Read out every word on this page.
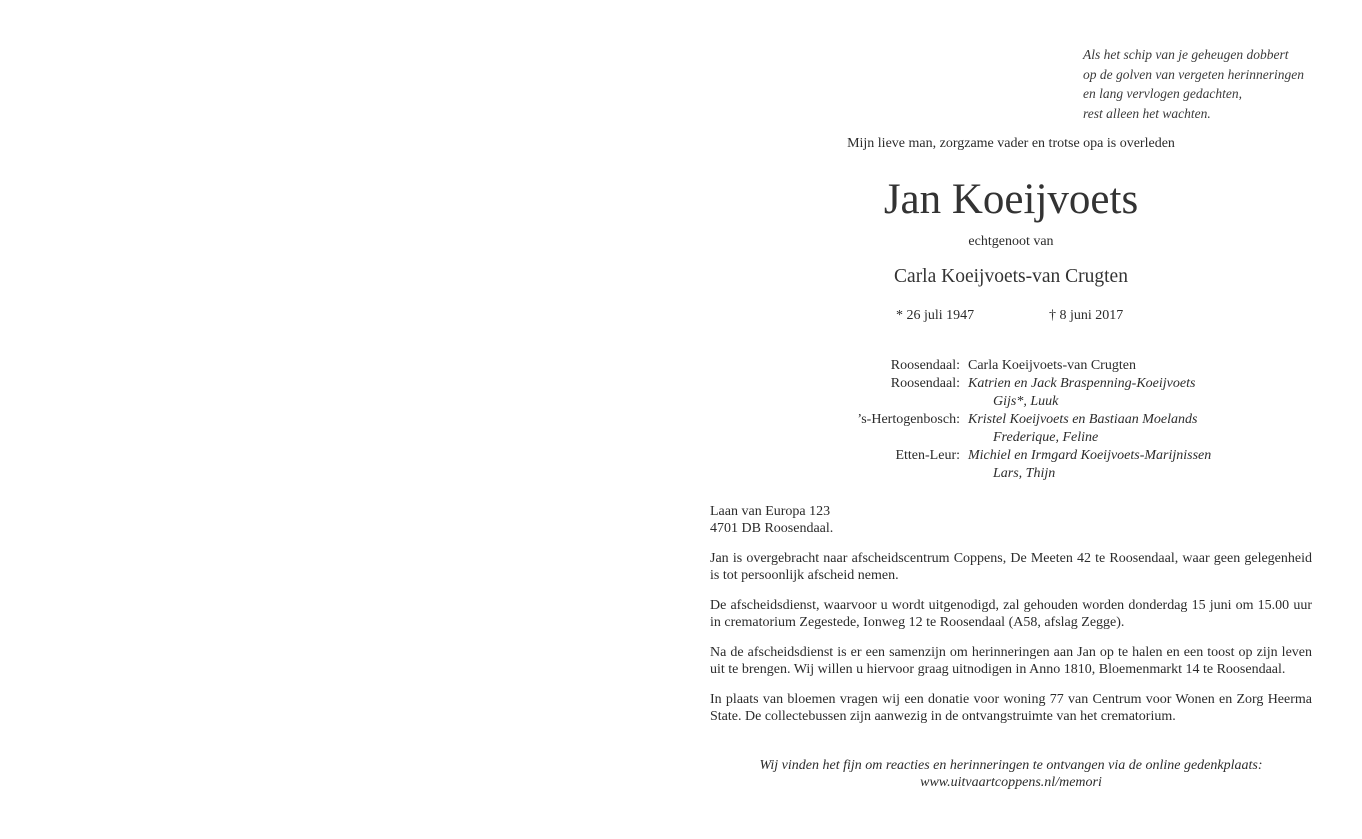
Als het schip van je geheugen dobbert
op de golven van vergeten herinneringen
en lang vervlogen gedachten,
rest alleen het wachten.
Mijn lieve man, zorgzame vader en trotse opa is overleden
Jan Koeijvoets
echtgenoot van
Carla Koeijvoets-van Crugten
* 26 juli 1947	† 8 juni 2017
Roosendaal: Carla Koeijvoets-van Crugten
Roosendaal: Katrien en Jack Braspenning-Koeijvoets
Gijs*, Luuk
’s-Hertogenbosch: Kristel Koeijvoets en Bastiaan Moelands
Frederique, Feline
Etten-Leur: Michiel en Irmgard Koeijvoets-Marijnissen
Lars, Thijn
Laan van Europa 123
4701 DB Roosendaal.

Jan is overgebracht naar afscheidscentrum Coppens, De Meeten 42 te Roosendaal, waar geen gelegenheid is tot persoonlijk afscheid nemen.

De afscheidsdienst, waarvoor u wordt uitgenodigd, zal gehouden worden donderdag 15 juni om 15.00 uur in crematorium Zegestede, Ionweg 12 te Roosendaal (A58, afslag Zegge).

Na de afscheidsdienst is er een samenzijn om herinneringen aan Jan op te halen en een toost op zijn leven uit te brengen. Wij willen u hiervoor graag uitnodigen in Anno 1810, Bloemenmarkt 14 te Roosendaal.

In plaats van bloemen vragen wij een donatie voor woning 77 van Centrum voor Wonen en Zorg Heerma State. De collectebussen zijn aanwezig in de ontvangstruimte van het crematorium.

Wij vinden het fijn om reacties en herinneringen te ontvangen via de online gedenkplaats:
www.uitvaartcoppens.nl/memori
